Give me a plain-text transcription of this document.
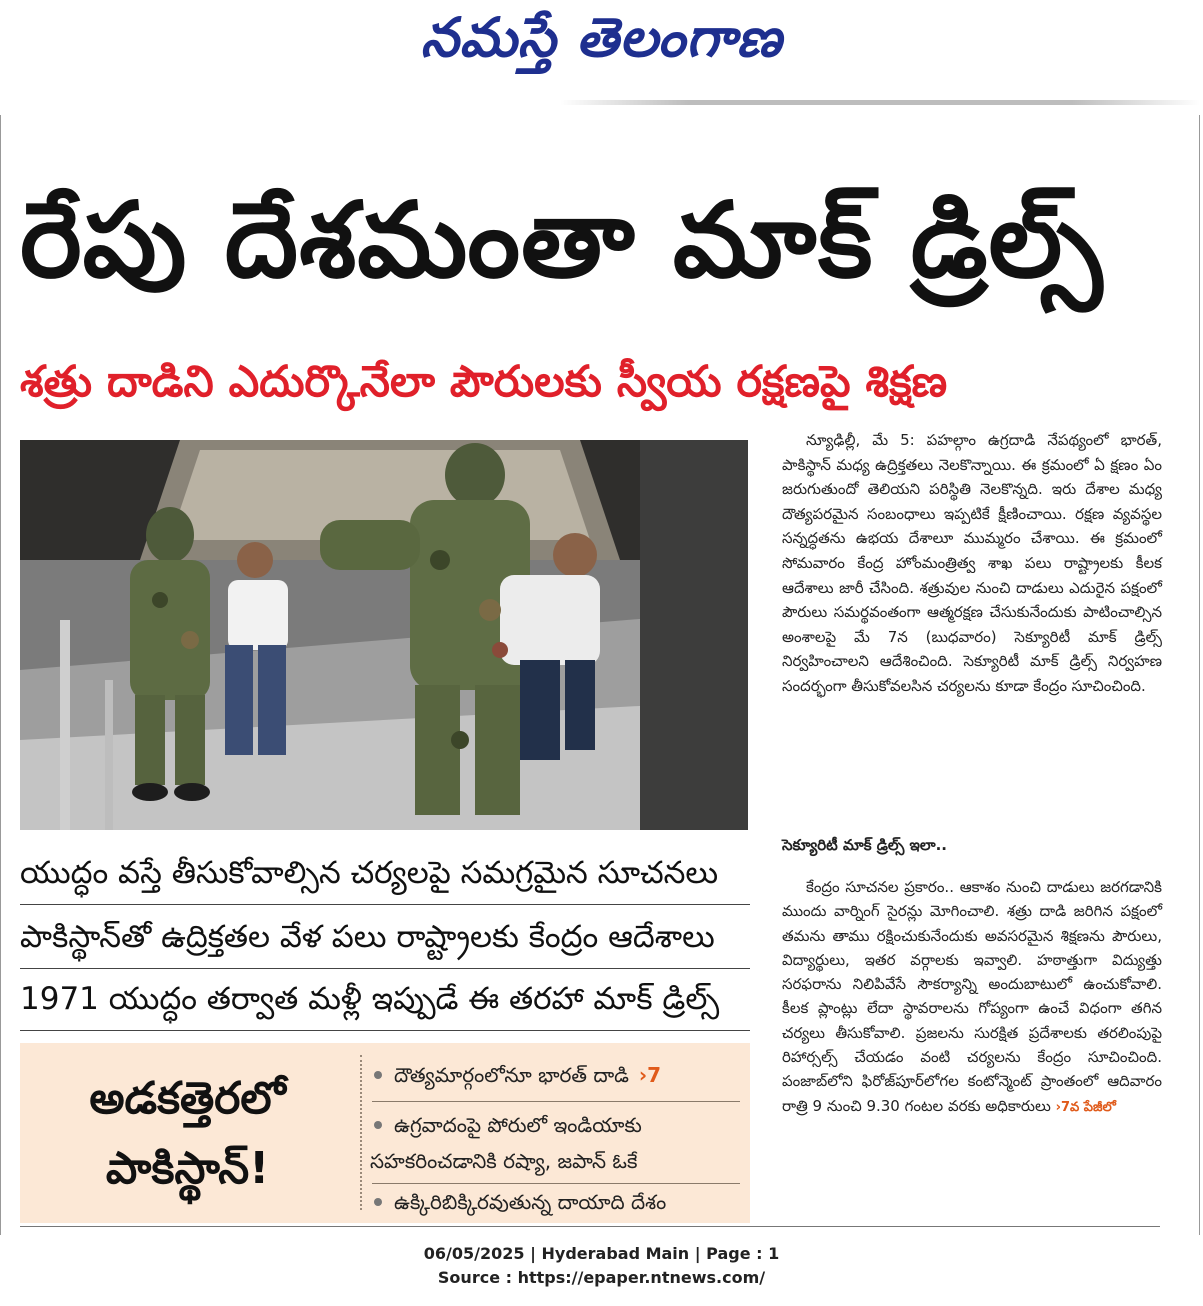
నమస్తే తెలంగాణ
రేపు దేశమంతా మాక్ డ్రిల్స్
శత్రు దాడిని ఎదుర్కొనేలా పౌరులకు స్వీయ రక్షణపై శిక్షణ
యుద్ధం వస్తే తీసుకోవాల్సిన చర్యలపై సమగ్రమైన సూచనలు
పాకిస్థాన్‌తో ఉద్రిక్తతల వేళ పలు రాష్ట్రాలకు కేంద్రం ఆదేశాలు
1971 యుద్ధం తర్వాత మళ్లీ ఇప్పుడే ఈ తరహా మాక్ డ్రిల్స్
అడకత్తెరలో
పాకిస్థాన్!
దౌత్యమార్గంలోనూ భారత్ దాడి ›7
ఉగ్రవాదంపై పోరులో ఇండియాకు
సహకరించడానికి రష్యా, జపాన్ ఓకే
ఉక్కిరిబిక్కిరవుతున్న దాయాది దేశం

న్యూఢిల్లీ, మే 5: పహల్గాం ఉగ్రదాడి నేపథ్యంలో భారత్, పాకిస్థాన్ మధ్య ఉద్రిక్తతలు నెలకొన్నాయి. ఈ క్రమంలో ఏ క్షణం ఏం జరుగుతుందో తెలియని పరిస్థితి నెలకొన్నది. ఇరు దేశాల మధ్య దౌత్యపరమైన సంబంధాలు ఇప్పటికే క్షీణించాయి. రక్షణ వ్యవస్థల సన్నద్ధతను ఉభయ దేశాలూ ముమ్మరం చేశాయి. ఈ క్రమంలో సోమవారం కేంద్ర హోంమంత్రిత్వ శాఖ పలు రాష్ట్రాలకు కీలక ఆదేశాలు జారీ చేసింది. శత్రువుల నుంచి దాడులు ఎదురైన పక్షంలో పౌరులు సమర్థవంతంగా ఆత్మరక్షణ చేసుకునేందుకు పాటించాల్సిన అంశాలపై మే 7న (బుధవారం) సెక్యూరిటీ మాక్ డ్రిల్స్ నిర్వహించాలని ఆదేశించింది. సెక్యూరిటీ మాక్ డ్రిల్స్ నిర్వహణ సందర్భంగా తీసుకోవలసిన చర్యలను కూడా కేంద్రం సూచించింది.

సెక్యూరిటీ మాక్ డ్రిల్స్ ఇలా..

కేంద్రం సూచనల ప్రకారం.. ఆకాశం నుంచి దాడులు జరగడానికి ముందు వార్నింగ్ సైరన్లు మోగించాలి. శత్రు దాడి జరిగిన పక్షంలో తమను తాము రక్షించుకునేందుకు అవసరమైన శిక్షణను పౌరులు, విద్యార్థులు, ఇతర వర్గాలకు ఇవ్వాలి. హఠాత్తుగా విద్యుత్తు సరఫరాను నిలిపివేసే సౌకర్యాన్ని అందుబాటులో ఉంచుకోవాలి. కీలక ప్లాంట్లు లేదా స్థావరాలను గోప్యంగా ఉంచే విధంగా తగిన చర్యలు తీసుకోవాలి. ప్రజలను సురక్షిత ప్రదేశాలకు తరలింపుపై రిహార్సల్స్ చేయడం వంటి చర్యలను కేంద్రం సూచించింది. పంజాబ్‌లోని ఫిరోజ్‌పూర్‌లోగల కంటోన్మెంట్ ప్రాంతంలో ఆదివారం రాత్రి 9 నుంచి 9.30 గంటల వరకు అధికారులు ›7వ పేజీలో

06/05/2025 | Hyderabad Main | Page : 1
Source : https://epaper.ntnews.com/
